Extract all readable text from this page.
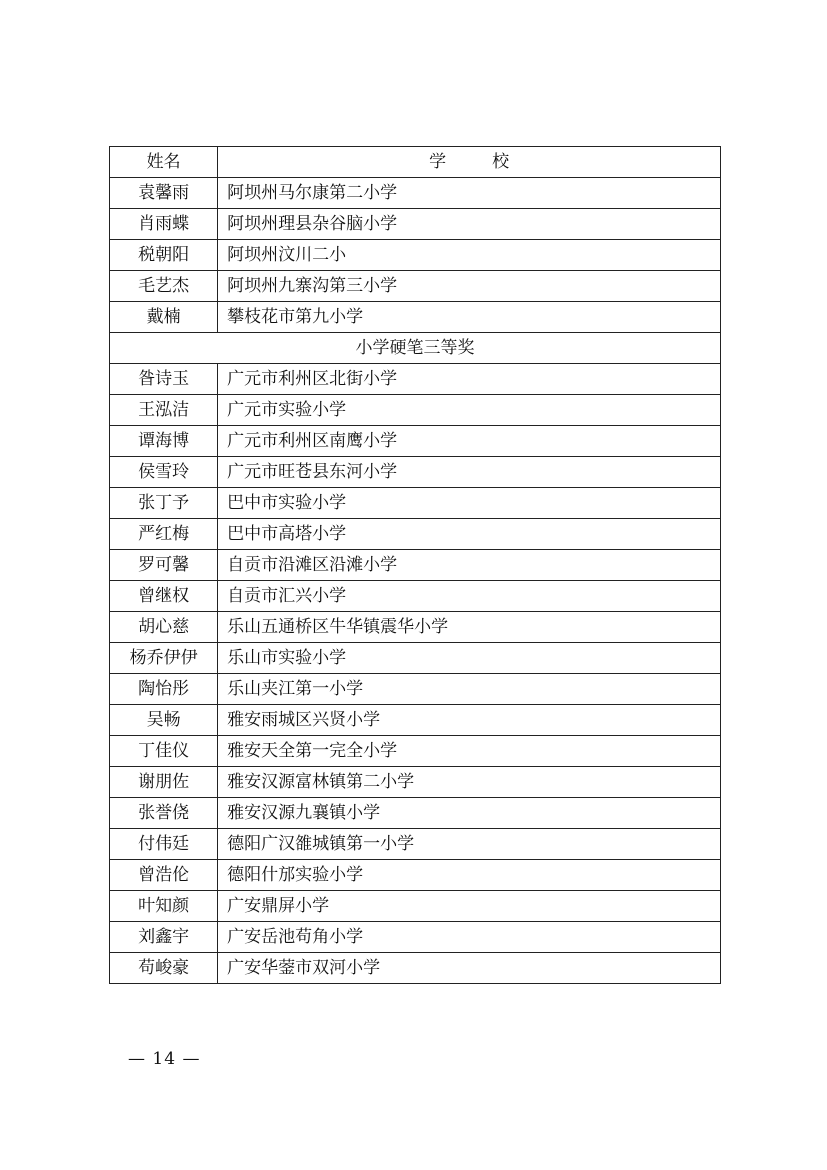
姓名	学校
袁馨雨	阿坝州马尔康第二小学
肖雨蝶	阿坝州理县杂谷脑小学
税朝阳	阿坝州汶川二小
毛艺杰	阿坝州九寨沟第三小学
戴楠	攀枝花市第九小学
小学硬笔三等奖	
昝诗玉	广元市利州区北街小学
王泓洁	广元市实验小学
谭海博	广元市利州区南鹰小学
侯雪玲	广元市旺苍县东河小学
张丁予	巴中市实验小学
严红梅	巴中市高塔小学
罗可馨	自贡市沿滩区沿滩小学
曾继权	自贡市汇兴小学
胡心慈	乐山五通桥区牛华镇震华小学
杨乔伊伊	乐山市实验小学
陶怡彤	乐山夹江第一小学
吴畅	雅安雨城区兴贤小学
丁佳仪	雅安天全第一完全小学
谢朋佐	雅安汉源富林镇第二小学
张誉侥	雅安汉源九襄镇小学
付伟廷	德阳广汉雒城镇第一小学
曾浩伦	德阳什邡实验小学
叶知颜	广安鼎屏小学
刘鑫宇	广安岳池苟角小学
苟峻豪	广安华蓥市双河小学
— 14 —
